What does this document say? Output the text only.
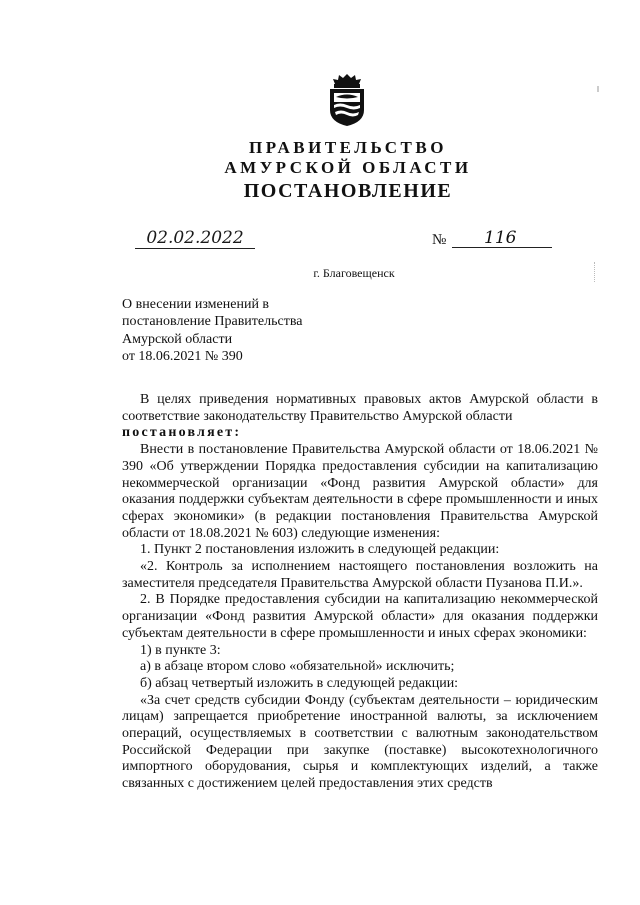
ПРАВИТЕЛЬСТВО
АМУРСКОЙ ОБЛАСТИ
ПОСТАНОВЛЕНИЕ
02.02.2022	№	116
г. Благовещенск
О внесении изменений в
постановление Правительства
Амурской области
от 18.06.2021 № 390

В целях приведения нормативных правовых актов Амурской области в соответствие законодательству Правительство Амурской области

постановляет:

Внести в постановление Правительства Амурской области от 18.06.2021 № 390 «Об утверждении Порядка предоставления субсидии на капитализацию некоммерческой организации «Фонд развития Амурской области» для оказания поддержки субъектам деятельности в сфере промышленности и иных сферах экономики» (в редакции постановления Правительства Амурской области от 18.08.2021 № 603) следующие изменения:

1. Пункт 2 постановления изложить в следующей редакции:

«2. Контроль за исполнением настоящего постановления возложить на заместителя председателя Правительства Амурской области Пузанова П.И.».

2. В Порядке предоставления субсидии на капитализацию некоммерческой организации «Фонд развития Амурской области» для оказания поддержки субъектам деятельности в сфере промышленности и иных сферах экономики:

1) в пункте 3:

а) в абзаце втором слово «обязательной» исключить;

б) абзац четвертый изложить в следующей редакции:

«За счет средств субсидии Фонду (субъектам деятельности – юридическим лицам) запрещается приобретение иностранной валюты, за исключением операций, осуществляемых в соответствии с валютным законодательством Российской Федерации при закупке (поставке) высокотехнологичного импортного оборудования, сырья и комплектующих изделий, а также связанных с достижением целей предоставления этих средств
